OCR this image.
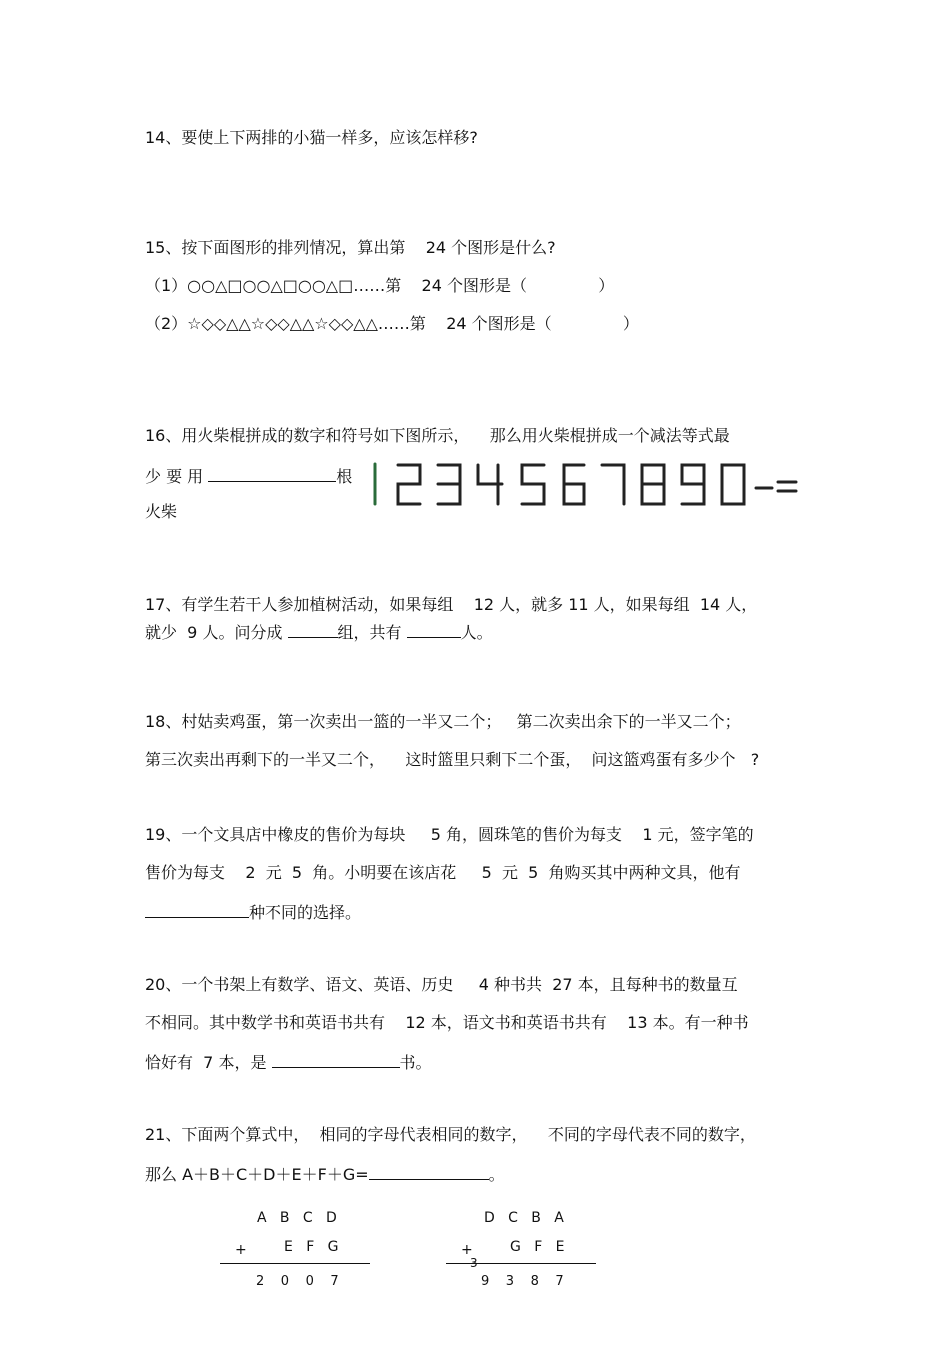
14、要使上下两排的小猫一样多，应该怎样移?
15、按下面图形的排列情况，算出第    24 个图形是什么?
（1）○○△□○○△□○○△□……第    24 个图形是（              ）
（2）☆◇◇△△☆◇◇△△☆◇◇△△……第    24 个图形是（              ）
16、用火柴棍拼成的数字和符号如下图所示，    那么用火柴棍拼成一个减法等式最
少 要 用	根
火柴
17、有学生若干人参加植树活动，如果每组    12 人，就多 11 人，如果每组  14 人，
就少  9 人。问分成	组，共有	人。
18、村姑卖鸡蛋，第一次卖出一篮的一半又二个；   第二次卖出余下的一半又二个；
第三次卖出再剩下的一半又二个，    这时篮里只剩下二个蛋，  问这篮鸡蛋有多少个   ?
19、一个文具店中橡皮的售价为每块     5 角，圆珠笔的售价为每支    1 元，签字笔的
售价为每支    2  元  5  角。小明要在该店花     5  元  5  角购买其中两种文具，他有
种不同的选择。
20、一个书架上有数学、语文、英语、历史     4 种书共  27 本，且每种书的数量互
不相同。其中数学书和英语书共有    12 本，语文书和英语书共有    13 本。有一种书
恰好有  7 本，是	书。
21、下面两个算式中，  相同的字母代表相同的数字，    不同的字母代表不同的数字，
那么 A＋B＋C＋D＋E＋F＋G=	。
A   B   C   D
+	E   F   G
2    0    0    7
D   C   B   A
+	G   F   E
3
9    3    8    7
